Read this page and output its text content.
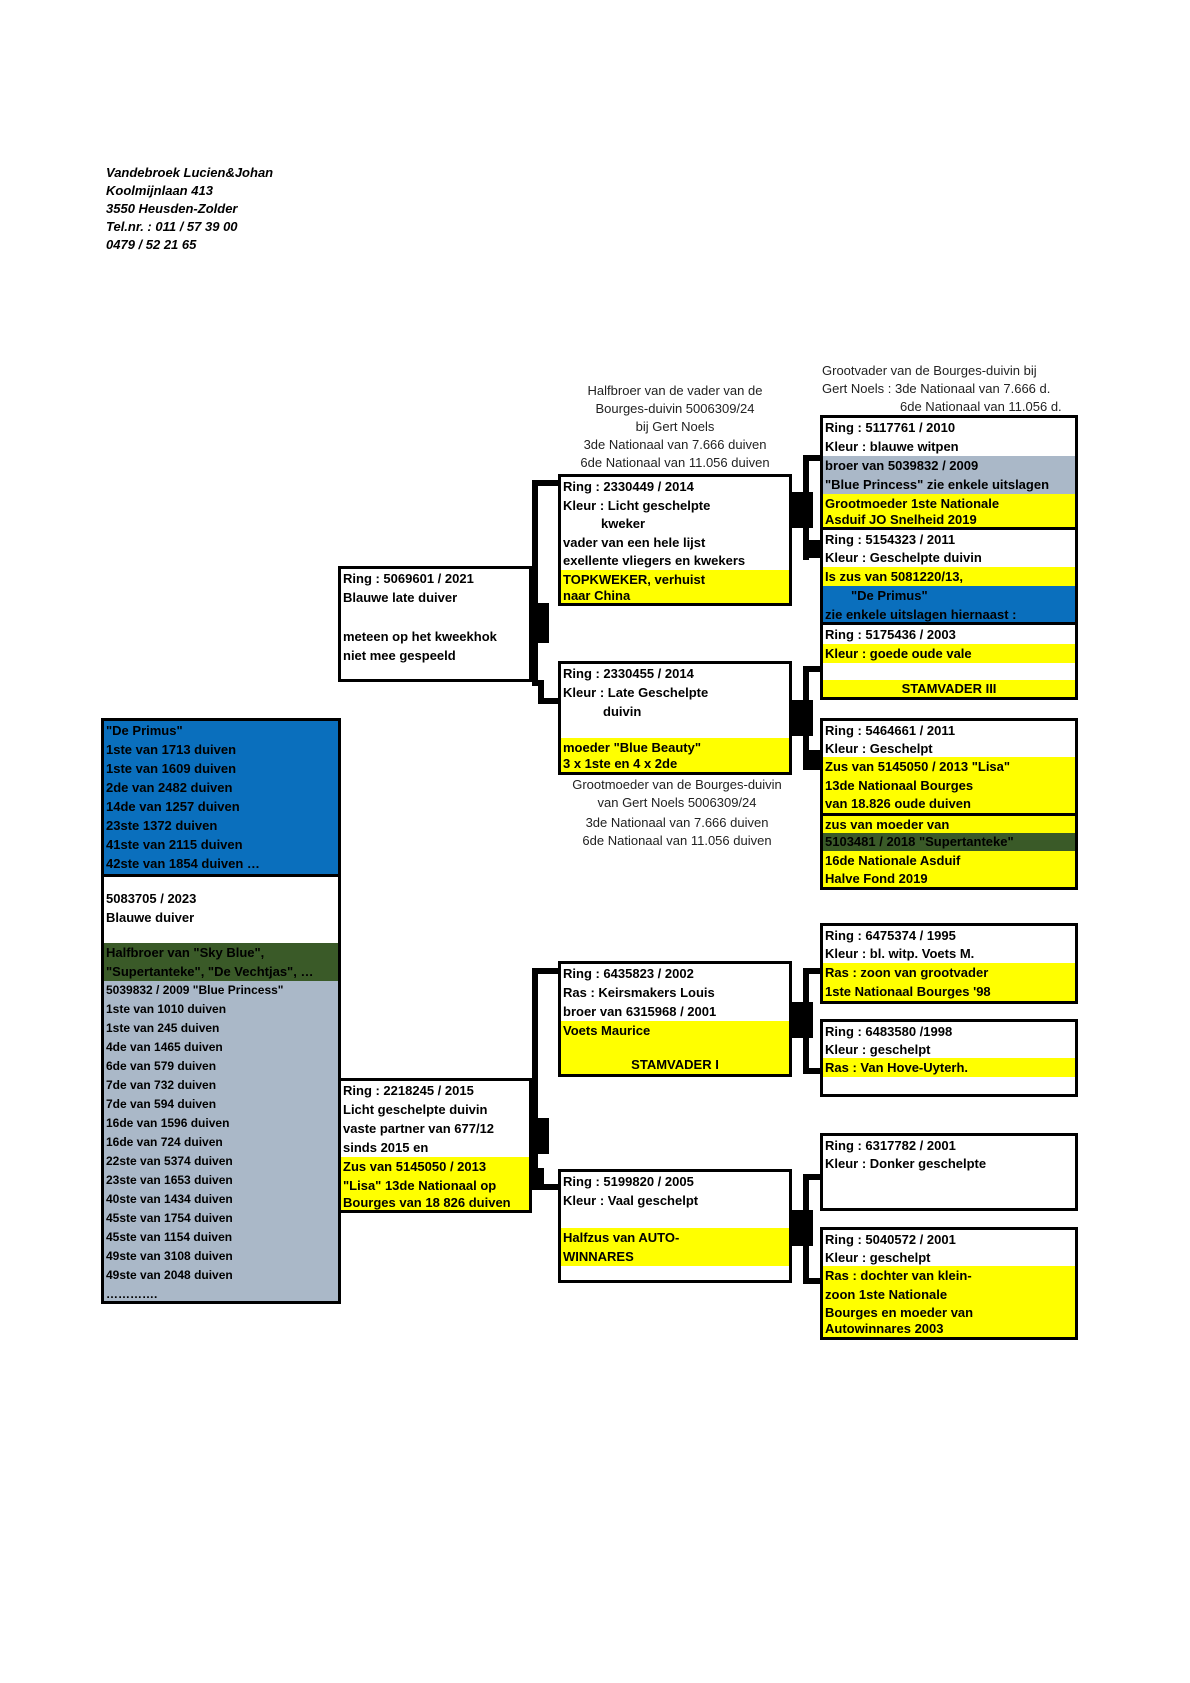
Vandebroek Lucien&Johan
Koolmijnlaan 413
3550 Heusden-Zolder
Tel.nr. : 011 / 57 39 00
0479 / 52 21 65
"De Primus"
1ste van 1713 duiven
1ste van 1609 duiven
2de van 2482 duiven
14de van 1257 duiven
23ste 1372 duiven
41ste van 2115 duiven
42ste van 1854 duiven …
5083705 / 2023
Blauwe duiver
Halfbroer van "Sky Blue",
"Supertanteke", "De Vechtjas", …
5039832 / 2009 "Blue Princess"
1ste van 1010 duiven
1ste van 245 duiven
4de van 1465 duiven
6de van 579 duiven
7de van 732 duiven
7de van 594 duiven
16de van 1596 duiven
16de van 724 duiven
22ste van 5374 duiven
23ste van 1653 duiven
40ste van 1434 duiven
45ste van 1754 duiven
45ste van 1154 duiven
49ste van 3108 duiven
49ste van 2048 duiven
………….
Ring : 5069601 / 2021
Blauwe late duiver
meteen op het kweekhok
niet mee gespeeld
Ring : 2218245 / 2015
Licht geschelpte duivin
vaste partner van 677/12
sinds 2015 en
Zus van 5145050 / 2013
"Lisa" 13de Nationaal op
Bourges van 18 826 duiven
Halfbroer van de vader van de
Bourges-duivin 5006309/24
bij Gert Noels
3de Nationaal van 7.666 duiven
6de Nationaal van 11.056 duiven
Ring : 2330449 / 2014
Kleur : Licht geschelpte
kweker
vader van een hele lijst
exellente vliegers en kwekers
TOPKWEKER, verhuist
naar China
Ring : 2330455 / 2014
Kleur : Late Geschelpte
duivin
moeder "Blue Beauty"
3 x 1ste en 4 x 2de
Grootmoeder van de Bourges-duivin
van Gert Noels 5006309/24
3de Nationaal van 7.666 duiven
6de Nationaal van 11.056 duiven
Ring : 6435823 / 2002
Ras : Keirsmakers Louis
broer van 6315968 / 2001
Voets Maurice
STAMVADER I
Ring : 5199820 / 2005
Kleur : Vaal geschelpt
Halfzus van AUTO-
WINNARES
Grootvader van de Bourges-duivin bij
Gert Noels : 3de Nationaal van 7.666 d.
6de Nationaal van 11.056 d.
Ring : 5117761 / 2010
Kleur : blauwe witpen
broer van 5039832 / 2009
"Blue Princess" zie enkele uitslagen
Grootmoeder 1ste Nationale
Asduif JO Snelheid 2019
Ring : 5154323 / 2011
Kleur : Geschelpte duivin
Is zus van 5081220/13,
"De Primus"
zie enkele uitslagen hiernaast :
Ring : 5175436 / 2003
Kleur : goede oude vale
STAMVADER III
Ring : 5464661 / 2011
Kleur : Geschelpt
Zus van 5145050 / 2013 "Lisa"
13de Nationaal Bourges
van 18.826 oude duiven
zus van moeder van
5103481 / 2018 "Supertanteke"
16de Nationale Asduif
Halve Fond 2019
Ring : 6475374 / 1995
Kleur : bl. witp. Voets M.
Ras : zoon van grootvader
1ste Nationaal Bourges '98
Ring : 6483580 /1998
Kleur : geschelpt
Ras : Van Hove-Uyterh.
Ring : 6317782 / 2001
Kleur : Donker geschelpte
Ring : 5040572 / 2001
Kleur : geschelpt
Ras : dochter van klein-
zoon 1ste Nationale
Bourges en moeder van
Autowinnares 2003
